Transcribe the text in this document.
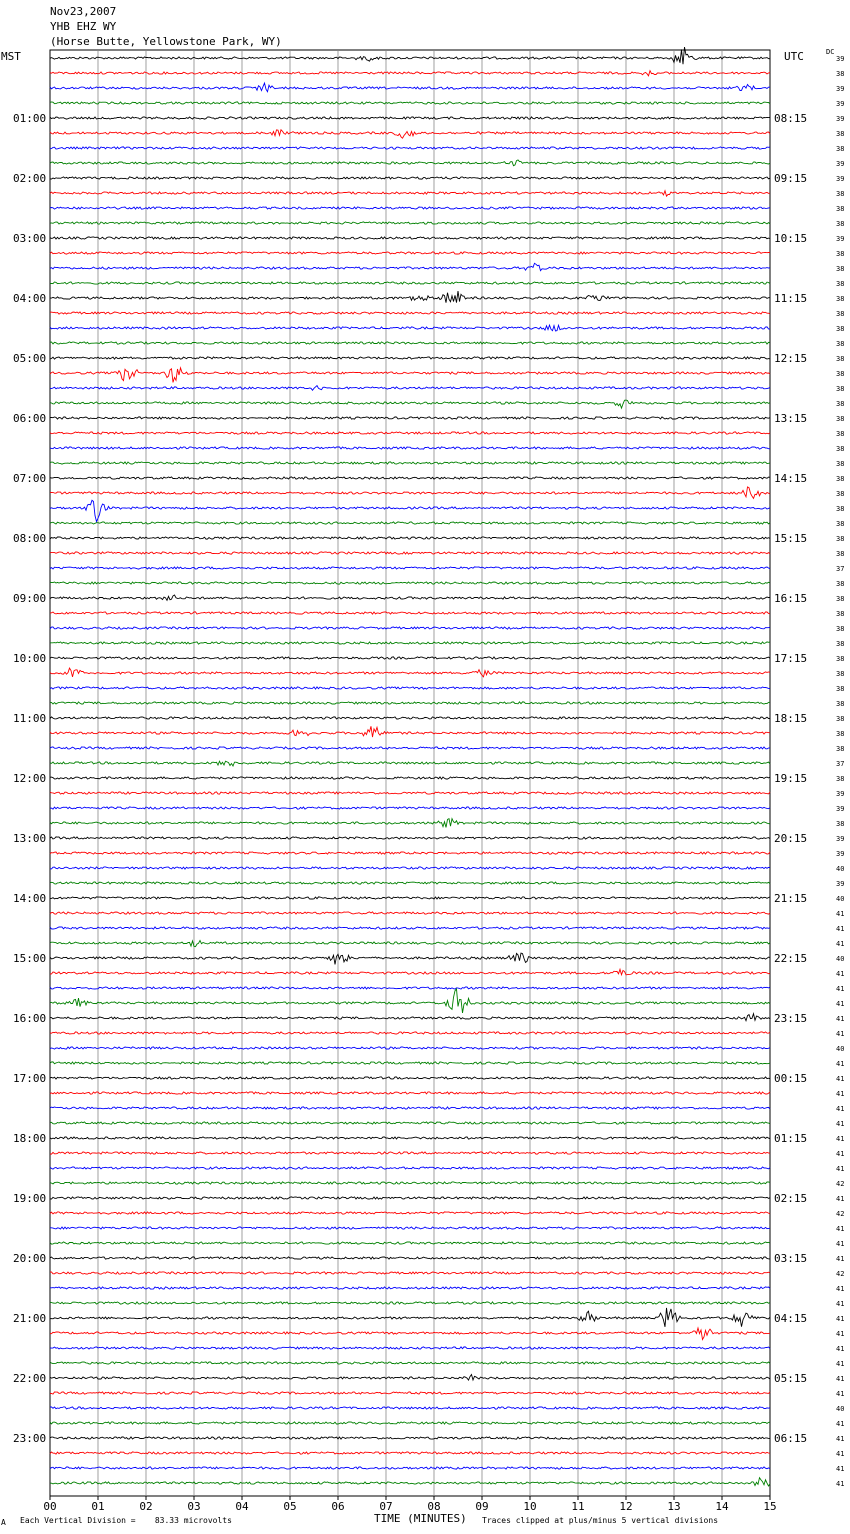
Nov23,2007
YHB EHZ WY
(Horse Butte, Yellowstone Park, WY)
MST	UTC	DC
00	01	02	03	04	05	06	07	08	09	10	11	12	13	14	15
39
38
39
39
39
38
38
39
39
38
38
38
39
38
38
38
38
38
38
38
38
38
38
38
38
38
38
38
38
38
38
38
38
38
37
38
38
38
38
38
38
38
38
38
38
38
38
37
38
39
39
38
39
39
40
39
40
41
41
41
40
41
41
41
41
41
40
41
41
41
41
41
41
41
41
42
41
42
41
41
41
42
41
41
41
41
41
41
41
41
40
41
41
41
41
41
01:00	08:15
02:00	09:15
03:00	10:15
04:00	11:15
05:00	12:15
06:00	13:15
07:00	14:15
08:00	15:15
09:00	16:15
10:00	17:15
11:00	18:15
12:00	19:15
13:00	20:15
14:00	21:15
15:00	22:15
16:00	23:15
17:00	00:15
18:00	01:15
19:00	02:15
20:00	03:15
21:00	04:15
22:00	05:15
23:00	06:15
A Each Vertical Division =    83.33 microvolts	TIME (MINUTES) Traces clipped at plus/minus 5 vertical divisions
